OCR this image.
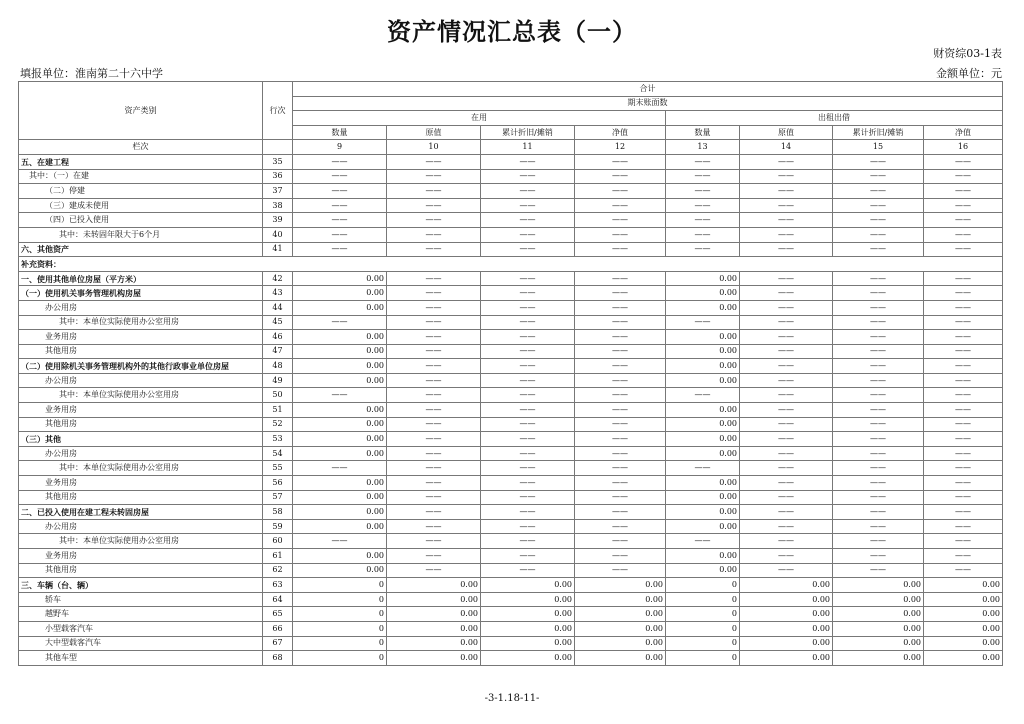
资产情况汇总表（一）
财资综03-1表
填报单位：淮南第二十六中学	金额单位：元
资产类别	行次	合计							
		期末账面数							
		在用				出租出借			
		数量	原值	累计折旧/摊销	净值	数量	原值	累计折旧/摊销	净值
栏次		9	10	11	12	13	14	15	16
五、在建工程	35	——	——	——	——	——	——	——	——
其中：（一）在建	36	——	——	——	——	——	——	——	——
（二）停建	37	——	——	——	——	——	——	——	——
（三）建成未使用	38	——	——	——	——	——	——	——	——
（四）已投入使用	39	——	——	——	——	——	——	——	——
其中：未转固年限大于6个月	40	——	——	——	——	——	——	——	——
六、其他资产	41	——	——	——	——	——	——	——	——
补充资料：									
一、使用其他单位房屋（平方米）	42	0.00	——	——	——	0.00	——	——	——
（一）使用机关事务管理机构房屋	43	0.00	——	——	——	0.00	——	——	——
办公用房	44	0.00	——	——	——	0.00	——	——	——
其中：本单位实际使用办公室用房	45	——	——	——	——	——	——	——	——
业务用房	46	0.00	——	——	——	0.00	——	——	——
其他用房	47	0.00	——	——	——	0.00	——	——	——
（二）使用除机关事务管理机构外的其他行政事业单位房屋	48	0.00	——	——	——	0.00	——	——	——
办公用房	49	0.00	——	——	——	0.00	——	——	——
其中：本单位实际使用办公室用房	50	——	——	——	——	——	——	——	——
业务用房	51	0.00	——	——	——	0.00	——	——	——
其他用房	52	0.00	——	——	——	0.00	——	——	——
（三）其他	53	0.00	——	——	——	0.00	——	——	——
办公用房	54	0.00	——	——	——	0.00	——	——	——
其中：本单位实际使用办公室用房	55	——	——	——	——	——	——	——	——
业务用房	56	0.00	——	——	——	0.00	——	——	——
其他用房	57	0.00	——	——	——	0.00	——	——	——
二、已投入使用在建工程未转固房屋	58	0.00	——	——	——	0.00	——	——	——
办公用房	59	0.00	——	——	——	0.00	——	——	——
其中：本单位实际使用办公室用房	60	——	——	——	——	——	——	——	——
业务用房	61	0.00	——	——	——	0.00	——	——	——
其他用房	62	0.00	——	——	——	0.00	——	——	——
三、车辆（台、辆）	63	0	0.00	0.00	0.00	0	0.00	0.00	0.00
轿车	64	0	0.00	0.00	0.00	0	0.00	0.00	0.00
越野车	65	0	0.00	0.00	0.00	0	0.00	0.00	0.00
小型载客汽车	66	0	0.00	0.00	0.00	0	0.00	0.00	0.00
大中型载客汽车	67	0	0.00	0.00	0.00	0	0.00	0.00	0.00
其他车型	68	0	0.00	0.00	0.00	0	0.00	0.00	0.00
-3-1.18-11-
